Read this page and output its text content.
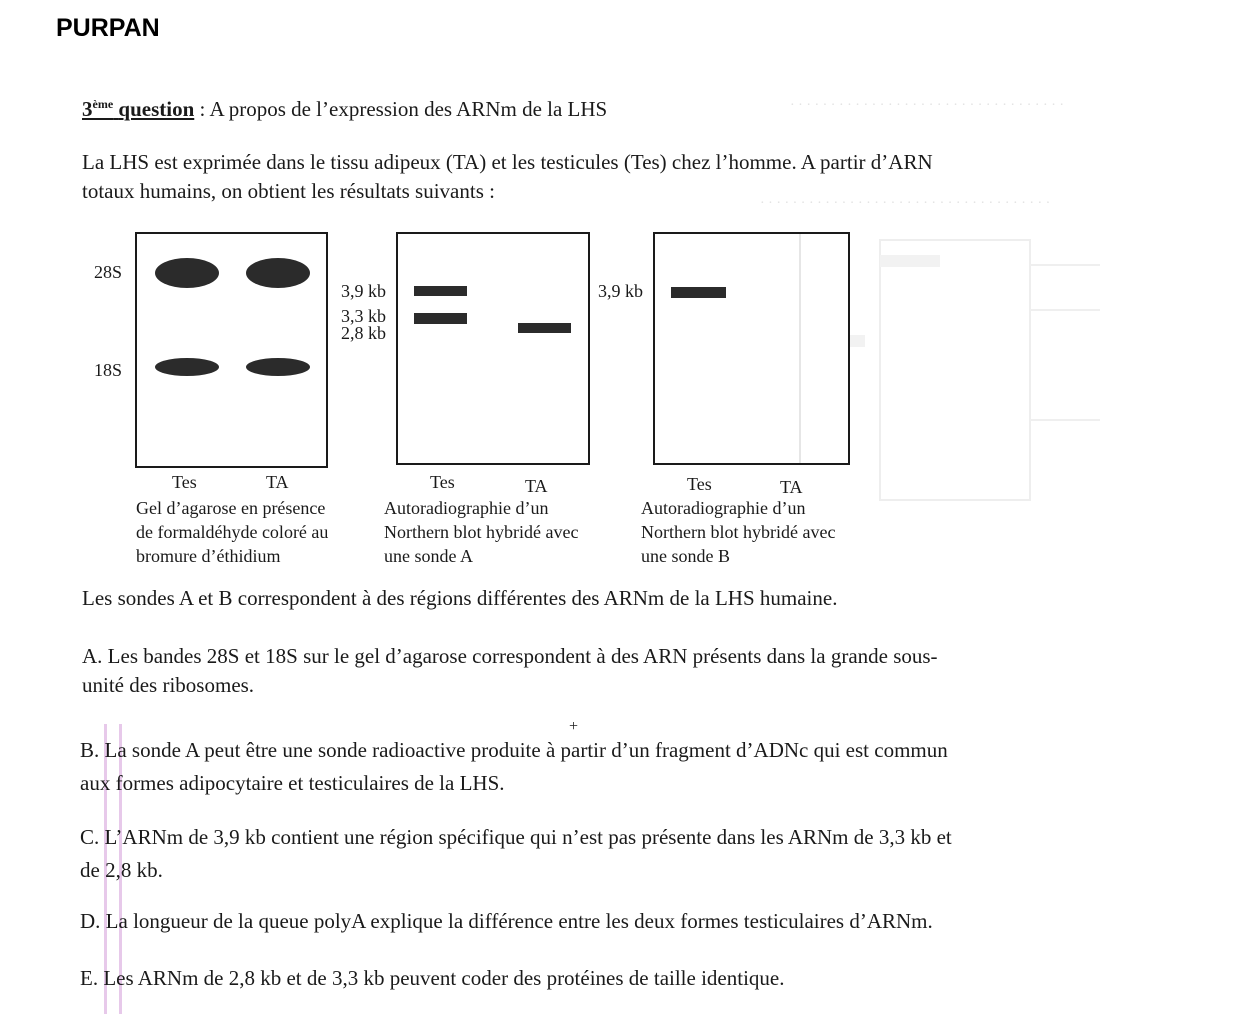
PURPAN
3ème question : A propos de l’expression des ARNm de la LHS
La LHS est exprimée dans le tissu adipeux (TA) et les testicules (Tes) chez l’homme. A partir d’ARN
totaux humains, on obtient les résultats suivants :
· · · · · · · · · · · · · · · · · · · · · · · · · · · · · · · · · ·
· · · · · · · · · · · · · · · · · · · · · · · · · · · · · · · · · · · ·
28S
18S
Tes	TA
Gel d’agarose en présence
de formaldéhyde coloré au
bromure d’éthidium
3,9 kb
3,3 kb
2,8 kb
Tes	TA
Autoradiographie d’un
Northern blot hybridé avec
une sonde A
3,9 kb
Tes	TA
Autoradiographie d’un
Northern blot hybridé avec
une sonde B
Les sondes A et B correspondent à des régions différentes des ARNm de la LHS humaine.
+
A. Les bandes 28S et 18S sur le gel d’agarose correspondent à des ARN présents dans la grande sous-
unité des ribosomes.
B. La sonde A peut être une sonde radioactive produite à partir d’un fragment d’ADNc qui est commun
aux formes adipocytaire et testiculaires de la LHS.
C. L’ARNm de 3,9 kb contient une région spécifique qui n’est pas présente dans les ARNm de 3,3 kb et
de 2,8 kb.
D. La longueur de la queue polyA explique la différence entre les deux formes testiculaires d’ARNm.
E. Les ARNm de 2,8 kb et de 3,3 kb peuvent coder des protéines de taille identique.
